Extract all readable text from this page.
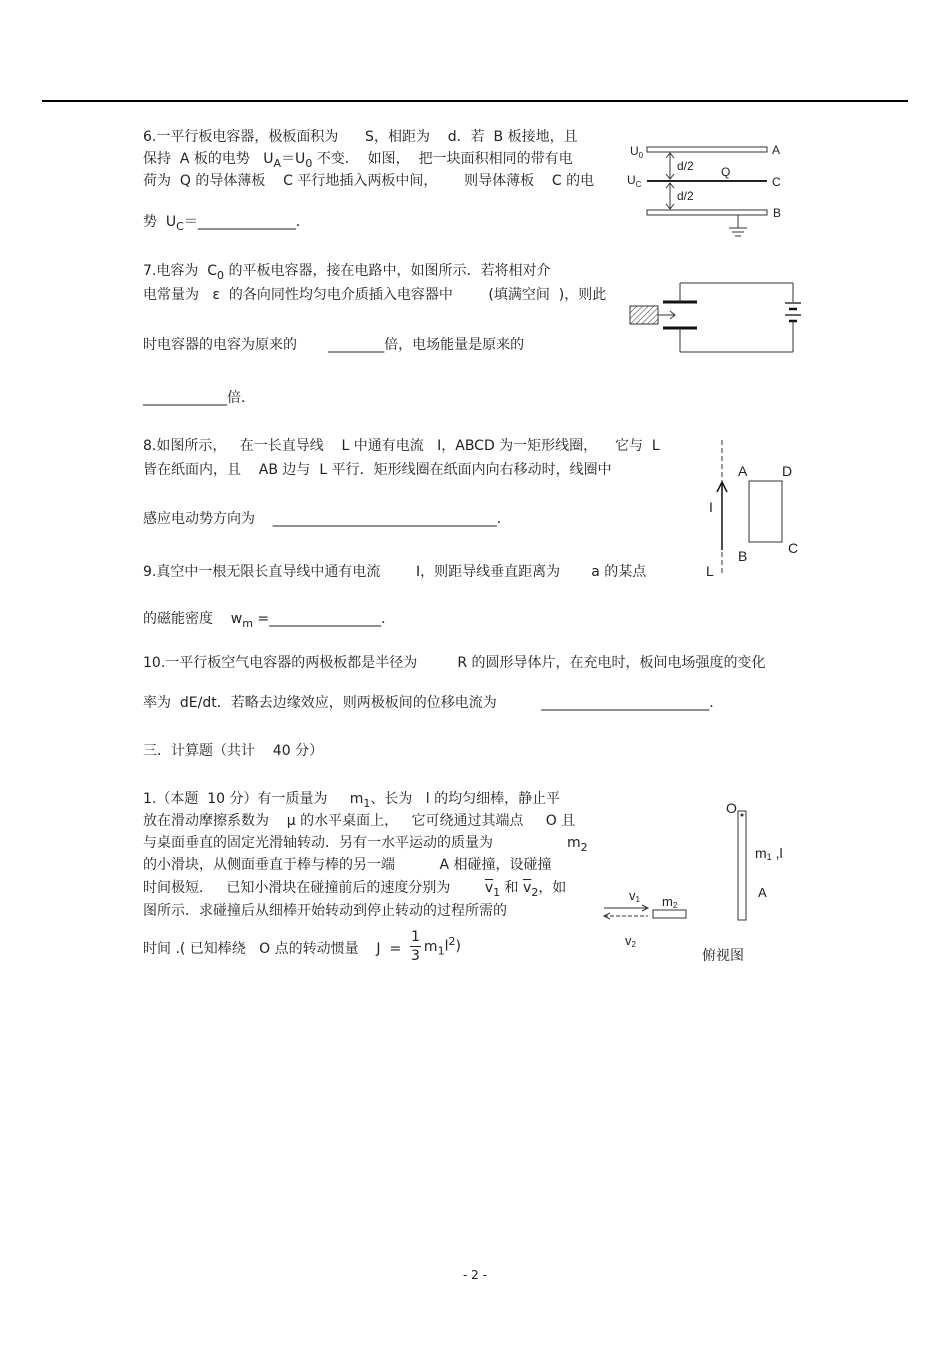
6.一平行板电容器，极板面积为      S，相距为    d．若  B 板接地，且
保持  A 板的电势   $U_A=U_0$ 不变．  如图，  把一块面积相同的带有电
荷为  Q 的导体薄板    C 平行地插入两板中间，      则导体薄板    C 的电
势  $U_C=\_\_\_\_\_\_\_\_\_\_\_\_\_\_$．
$U_0$
$U_C$
A
C
B
Q
d/2
d/2
7.电容为  $C_0$ 的平板电容器，接在电路中，如图所示．若将相对介
电常量为   ε  的各向同性均匀电介质插入电容器中        (填满空间  )，则此
时电容器的电容为原来的       ________倍，电场能量是原来的
____________倍．
8.如图所示，   在一长直导线    L 中通有电流   I，ABCD 为一矩形线圈，    它与  L
皆在纸面内，且    AB 边与  L 平行．矩形线圈在纸面内向右移动时，线圈中
感应电动势方向为    ________________________________．
A D
B	C
I
L
9.真空中一根无限长直导线中通有电流        I，则距导线垂直距离为       a 的某点
的磁能密度    $w_m$ =________________．
10.一平行板空气电容器的两极板都是半径为         R 的圆形导体片，在充电时，板间电场强度的变化
率为  dE/dt．若略去边缘效应，则两极板间的位移电流为          ________________________．
三．计算题（共计    40 分）
1.（本题  10 分）有一质量为     $m_1$、长为   l 的均匀细棒，静止平
放在滑动摩擦系数为    μ 的水平桌面上，   它可绕通过其端点     O 且
与桌面垂直的固定光滑轴转动．另有一水平运动的质量为	$m_2$
的小滑块，从侧面垂直于棒与棒的另一端          A 相碰撞，设碰撞
时间极短．   已知小滑块在碰撞前后的速度分别为 $\overline{v}_1$ 和 $\overline{v}_2$，如
图所示．求碰撞后从细棒开始转动到停止转动的过程所需的
时间 .( 已知棒绕   O 点的转动惯量    $J = \frac{1}{3} m_1l^2$)
O
A
m1 ,l
m2
v1
v2
俯视图
- 2 -
